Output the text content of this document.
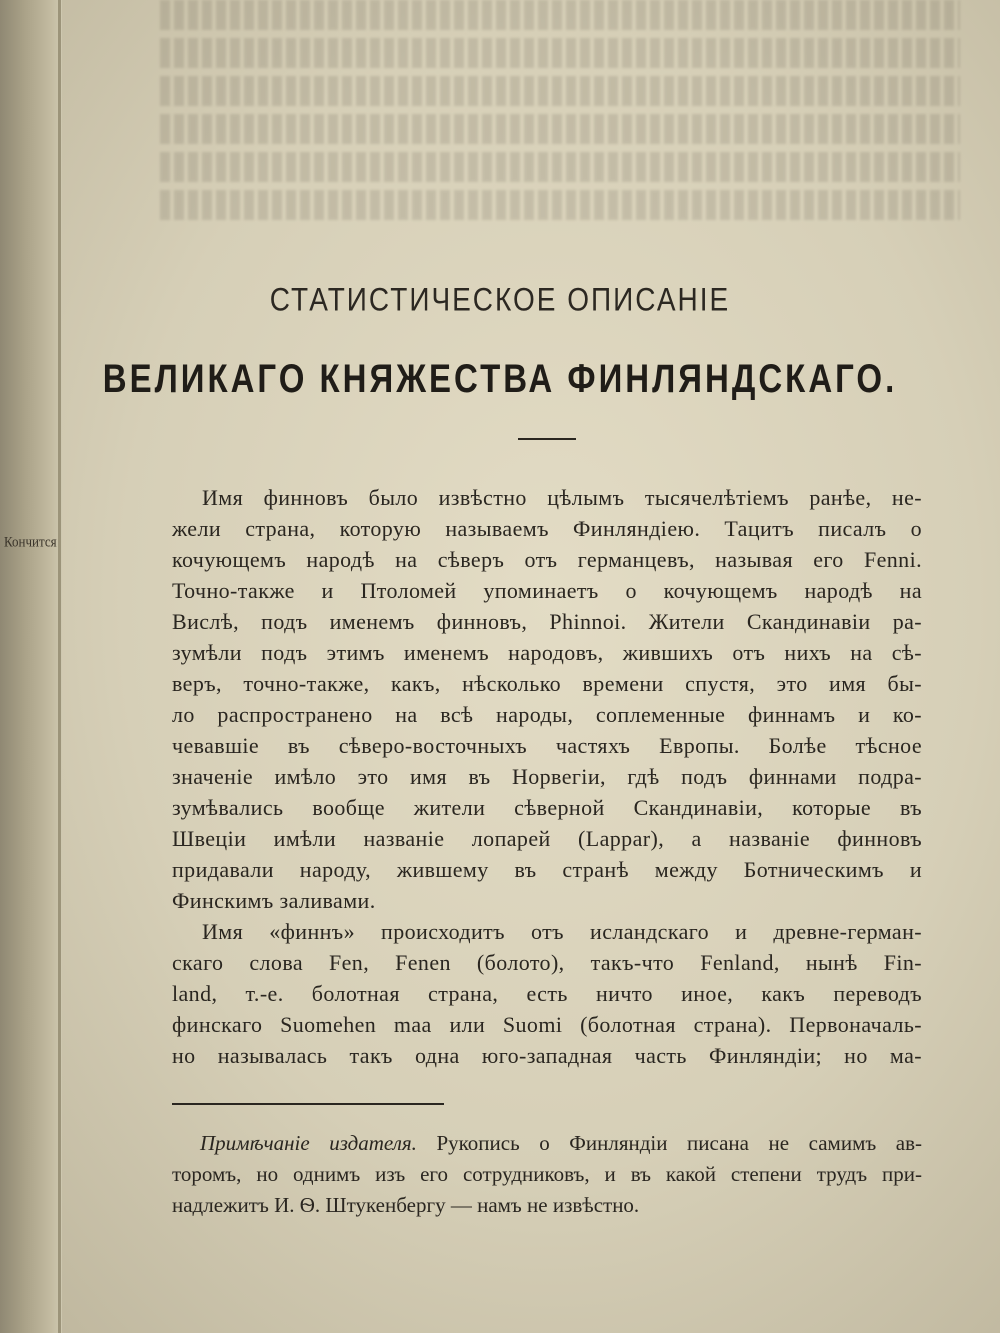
Кончится
СТАТИСТИЧЕСКОЕ ОПИСАНІЕ
ВЕЛИКАГО КНЯЖЕСТВА ФИНЛЯНДСКАГО.
Имя финновъ было извѣстно цѣлымъ тысячелѣтіемъ ранѣе, не-
жели страна, которую называемъ Финляндіею. Тацитъ писалъ о
кочующемъ народѣ на сѣверъ отъ германцевъ, называя его Fenni.
Точно-также и Птоломей упоминаетъ о кочующемъ народѣ на
Вислѣ, подъ именемъ финновъ, Phinnoi. Жители Скандинавіи ра-
зумѣли подъ этимъ именемъ народовъ, жившихъ отъ нихъ на сѣ-
веръ, точно-также, какъ, нѣсколько времени спустя, это имя бы-
ло распространено на всѣ народы, соплеменные финнамъ и ко-
чевавшіе въ сѣверо-восточныхъ частяхъ Европы. Болѣе тѣсное
значеніе имѣло это имя въ Норвегіи, гдѣ подъ финнами подра-
зумѣвались вообще жители сѣверной Скандинавіи, которые въ
Швеціи имѣли названіе лопарей (Lappar), а названіе финновъ
придавали народу, жившему въ странѣ между Ботническимъ и
Финскимъ заливами.
Имя «финнъ» происходитъ отъ исландскаго и древне-герман-
скаго слова Fen, Fenen (болото), такъ-что Fenland, нынѣ Fin-
land, т.-е. болотная страна, есть ничто иное, какъ переводъ
финскаго Suomehen maa или Suomi (болотная страна). Первоначаль-
но называлась такъ одна юго-западная часть Финляндіи; но ма-
Примѣчаніе издателя. Рукопись о Финляндіи писана не самимъ ав-
торомъ, но однимъ изъ его сотрудниковъ, и въ какой степени трудъ при-
надлежитъ И. Ѳ. Штукенбергу — намъ не извѣстно.
